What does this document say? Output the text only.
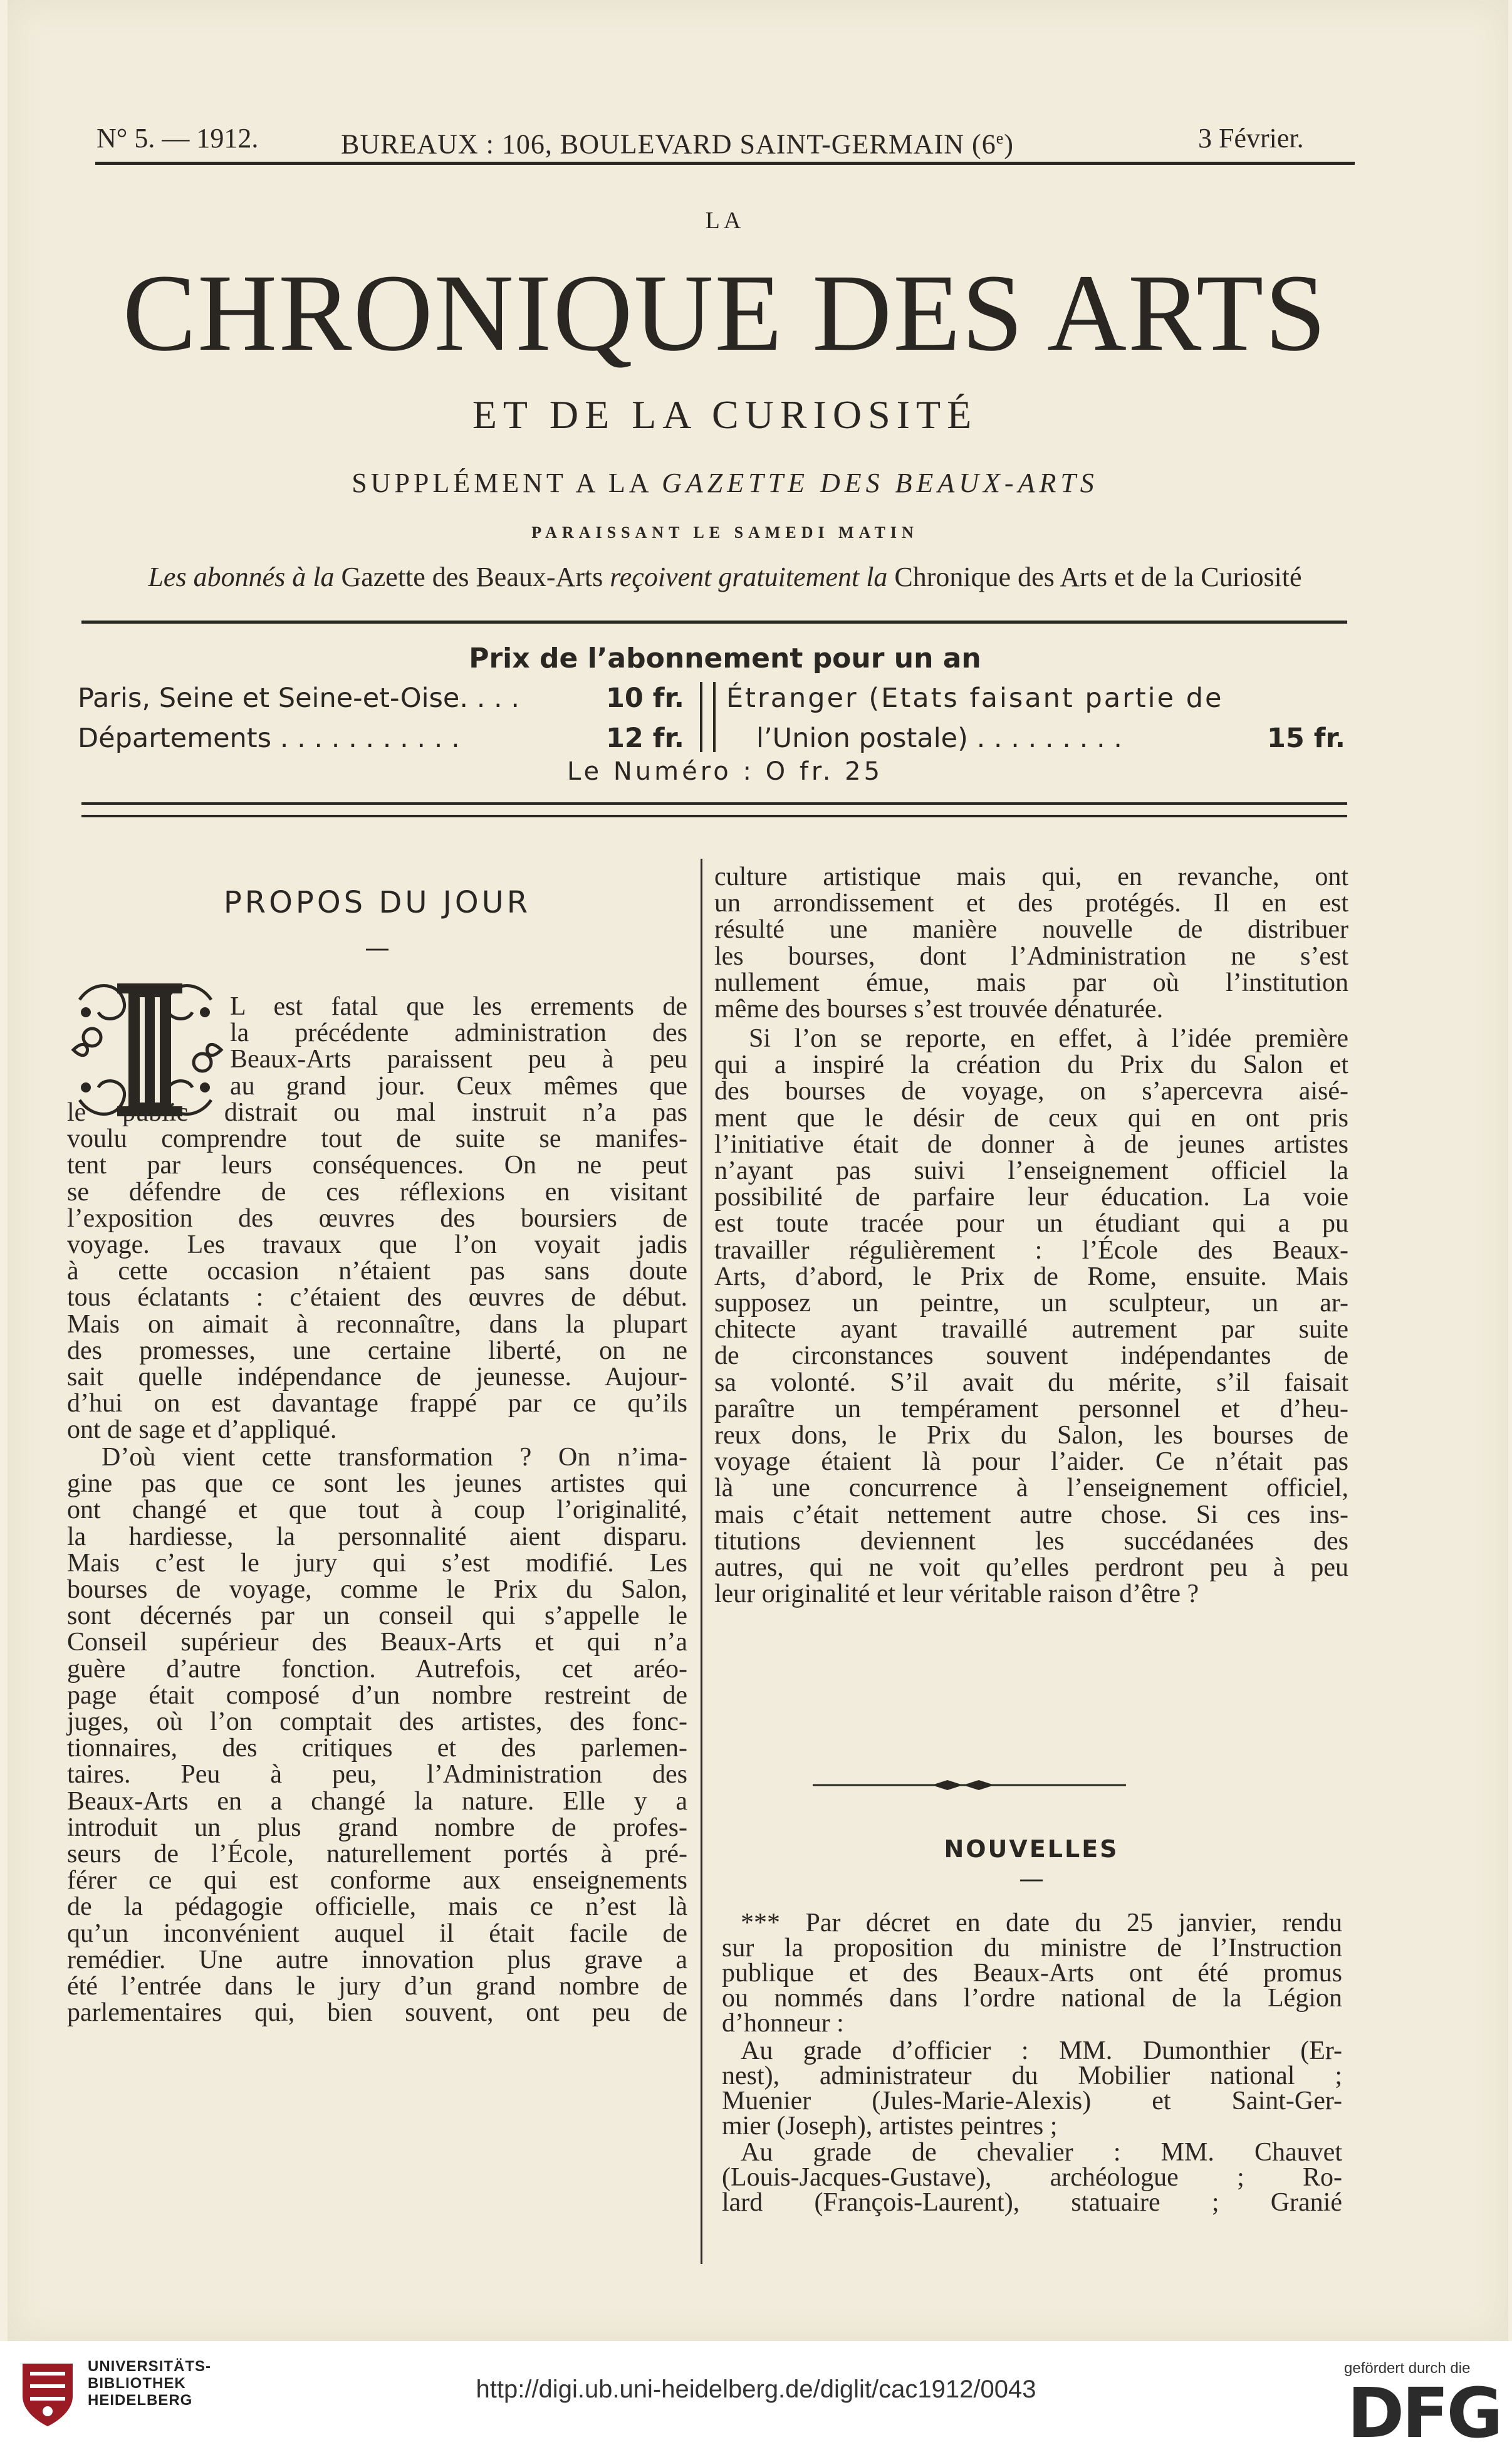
N° 5. — 1912.	BUREAUX : 106, BOULEVARD SAINT-GERMAIN (6e)	3 Février.
LA
CHRONIQUE DES ARTS
ET DE LA CURIOSITÉ
SUPPLÉMENT A LA GAZETTE DES BEAUX-ARTS
PARAISSANT LE SAMEDI MATIN
Les abonnés à la Gazette des Beaux-Arts reçoivent gratuitement la Chronique des Arts et de la Curiosité
Prix de l’abonnement pour un an
Paris, Seine et Seine-et-Oise. . . .	10 fr.
Départements . . . . . . . . . . .	12 fr.
Étranger (Etats faisant partie de
l’Union postale) . . . . . . . . .	15 fr.
Le Numéro : O fr. 25
PROPOS DU JOUR
—
L est fatal que les errements de
la précédente administration des
Beaux-Arts paraissent peu à peu
au grand jour. Ceux mêmes que
le public distrait ou mal instruit n’a pas
voulu comprendre tout de suite se manifes-
tent par leurs conséquences. On ne peut
se défendre de ces réflexions en visitant
l’exposition des œuvres des boursiers de
voyage. Les travaux que l’on voyait jadis
à cette occasion n’étaient pas sans doute
tous éclatants : c’étaient des œuvres de début.
Mais on aimait à reconnaître, dans la plupart
des promesses, une certaine liberté, on ne
sait quelle indépendance de jeunesse. Aujour-
d’hui on est davantage frappé par ce qu’ils
ont de sage et d’appliqué.
D’où vient cette transformation ? On n’ima-
gine pas que ce sont les jeunes artistes qui
ont changé et que tout à coup l’originalité,
la hardiesse, la personnalité aient disparu.
Mais c’est le jury qui s’est modifié. Les
bourses de voyage, comme le Prix du Salon,
sont décernés par un conseil qui s’appelle le
Conseil supérieur des Beaux-Arts et qui n’a
guère d’autre fonction. Autrefois, cet aréo-
page était composé d’un nombre restreint de
juges, où l’on comptait des artistes, des fonc-
tionnaires, des critiques et des parlemen-
taires. Peu à peu, l’Administration des
Beaux-Arts en a changé la nature. Elle y a
introduit un plus grand nombre de profes-
seurs de l’École, naturellement portés à pré-
férer ce qui est conforme aux enseignements
de la pédagogie officielle, mais ce n’est là
qu’un inconvénient auquel il était facile de
remédier. Une autre innovation plus grave a
été l’entrée dans le jury d’un grand nombre de
parlementaires qui, bien souvent, ont peu de
culture artistique mais qui, en revanche, ont
un arrondissement et des protégés. Il en est
résulté une manière nouvelle de distribuer
les bourses, dont l’Administration ne s’est
nullement émue, mais par où l’institution
même des bourses s’est trouvée dénaturée.
Si l’on se reporte, en effet, à l’idée première
qui a inspiré la création du Prix du Salon et
des bourses de voyage, on s’apercevra aisé-
ment que le désir de ceux qui en ont pris
l’initiative était de donner à de jeunes artistes
n’ayant pas suivi l’enseignement officiel la
possibilité de parfaire leur éducation. La voie
est toute tracée pour un étudiant qui a pu
travailler régulièrement : l’École des Beaux-
Arts, d’abord, le Prix de Rome, ensuite. Mais
supposez un peintre, un sculpteur, un ar-
chitecte ayant travaillé autrement par suite
de circonstances souvent indépendantes de
sa volonté. S’il avait du mérite, s’il faisait
paraître un tempérament personnel et d’heu-
reux dons, le Prix du Salon, les bourses de
voyage étaient là pour l’aider. Ce n’était pas
là une concurrence à l’enseignement officiel,
mais c’était nettement autre chose. Si ces ins-
titutions deviennent les succédanées des
autres, qui ne voit qu’elles perdront peu à peu
leur originalité et leur véritable raison d’être ?
NOUVELLES
—
*** Par décret en date du 25 janvier, rendu
sur la proposition du ministre de l’Instruction
publique et des Beaux-Arts ont été promus
ou nommés dans l’ordre national de la Légion
d’honneur :
Au grade d’officier : MM. Dumonthier (Er-
nest), administrateur du Mobilier national ;
Muenier (Jules-Marie-Alexis) et Saint-Ger-
mier (Joseph), artistes peintres ;
Au grade de chevalier : MM. Chauvet
(Louis-Jacques-Gustave), archéologue ; Ro-
lard (François-Laurent), statuaire ; Granié
UNIVERSITÄTS-
BIBLIOTHEK
HEIDELBERG	http://digi.ub.uni-heidelberg.de/diglit/cac1912/0043
gefördert durch die
DFG
